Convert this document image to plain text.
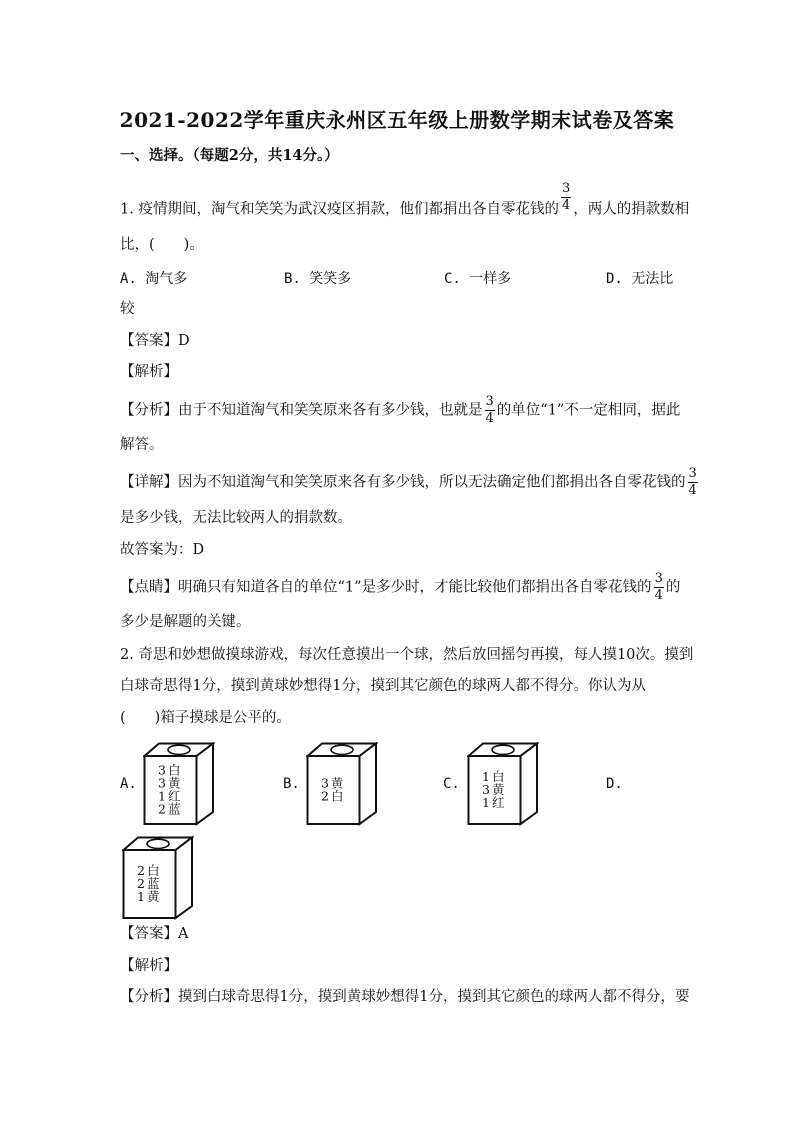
2021-2022学年重庆永州区五年级上册数学期末试卷及答案
一、选择。（每题2分，共14分。）
1. 疫情期间，淘气和笑笑为武汉疫区捐款，他们都捐出各自零花钱的 $\frac{3}{4}$ ，两人的捐款数相
比，(　　)。
A. 淘气多	B. 笑笑多	C. 一样多	D. 无法比
较
【答案】D
【解析】
【分析】由于不知道淘气和笑笑原来各有多少钱，也就是 $\frac{3}{4}$ 的单位“1”不一定相同，据此
解答。
【详解】因为不知道淘气和笑笑原来各有多少钱，所以无法确定他们都捐出各自零花钱的 $\frac{3}{4}$
是多少钱，无法比较两人的捐款数。
故答案为：D
【点睛】明确只有知道各自的单位“1”是多少时，才能比较他们都捐出各自零花钱的 $\frac{3}{4}$ 的
多少是解题的关键。
2. 奇思和妙想做摸球游戏，每次任意摸出一个球，然后放回摇匀再摸，每人摸10次。摸到
白球奇思得1分，摸到黄球妙想得1分，摸到其它颜色的球两人都不得分。你认为从
(　　)箱子摸球是公平的。
A.	B.	C.	D.
3 白
3 黄
1 红
2 蓝
3 黄
2 白
1 白
3 黄
1 红
2 白
2 蓝
1 黄
【答案】A
【解析】
【分析】摸到白球奇思得1分，摸到黄球妙想得1分，摸到其它颜色的球两人都不得分，要
